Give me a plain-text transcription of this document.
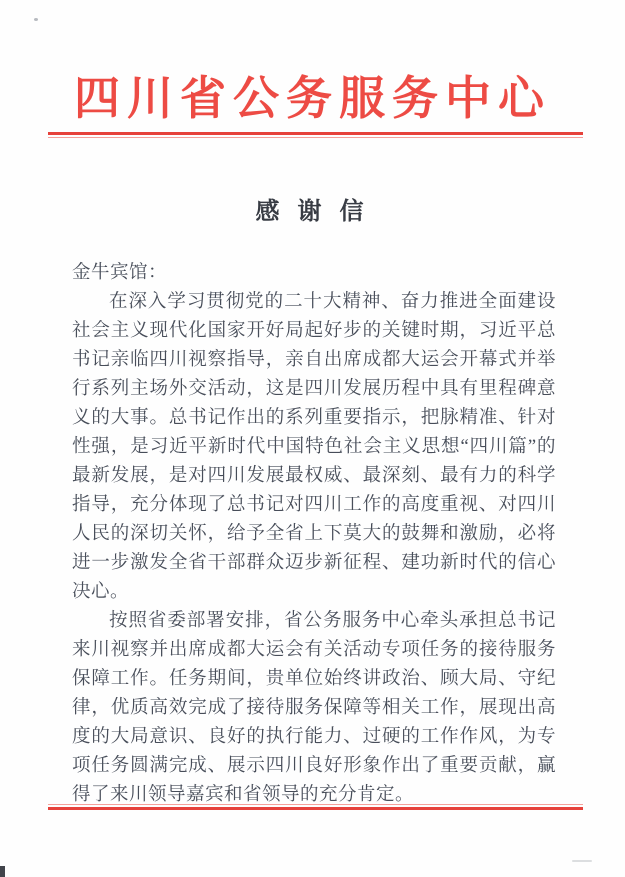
四川省公务服务中心
感 谢 信

金牛宾馆：

在深入学习贯彻党的二十大精神、奋力推进全面建设社会主义现代化国家开好局起好步的关键时期，习近平总书记亲临四川视察指导，亲自出席成都大运会开幕式并举行系列主场外交活动，这是四川发展历程中具有里程碑意义的大事。总书记作出的系列重要指示，把脉精准、针对性强，是习近平新时代中国特色社会主义思想“四川篇”的最新发展，是对四川发展最权威、最深刻、最有力的科学指导，充分体现了总书记对四川工作的高度重视、对四川人民的深切关怀，给予全省上下莫大的鼓舞和激励，必将进一步激发全省干部群众迈步新征程、建功新时代的信心决心。

按照省委部署安排，省公务服务中心牵头承担总书记来川视察并出席成都大运会有关活动专项任务的接待服务保障工作。任务期间，贵单位始终讲政治、顾大局、守纪律，优质高效完成了接待服务保障等相关工作，展现出高度的大局意识、良好的执行能力、过硬的工作作风，为专项任务圆满完成、展示四川良好形象作出了重要贡献，赢得了来川领导嘉宾和省领导的充分肯定。
